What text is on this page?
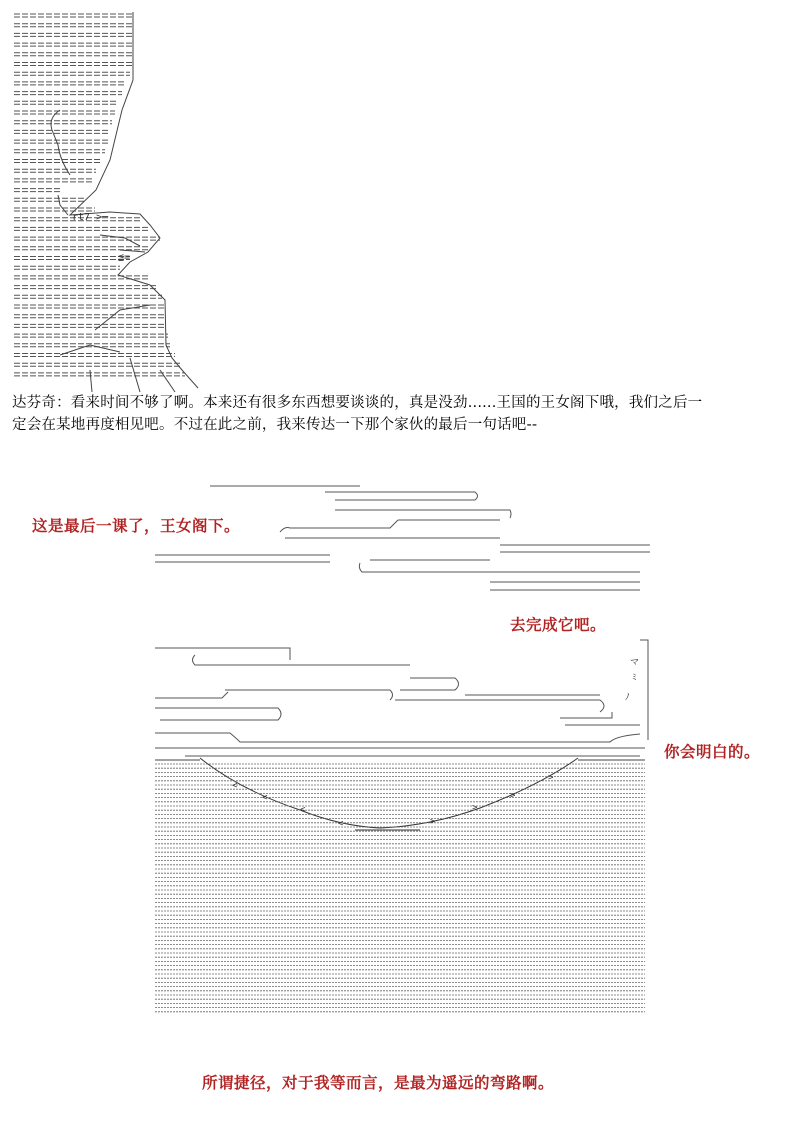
rt7 >─
≦=
达芬奇：看来时间不够了啊。本来还有很多东西想要谈谈的，真是没劲......王国的王女阁下哦，我们之后一
定会在某地再度相见吧。不过在此之前，我来传达一下那个家伙的最后一句话吧--
マ
ﾐ
ﾉ
<
<
<
<	>
>
>
>
这是最后一课了，王女阁下。
去完成它吧。
你会明白的。
所谓捷径，对于我等而言，是最为遥远的弯路啊。
